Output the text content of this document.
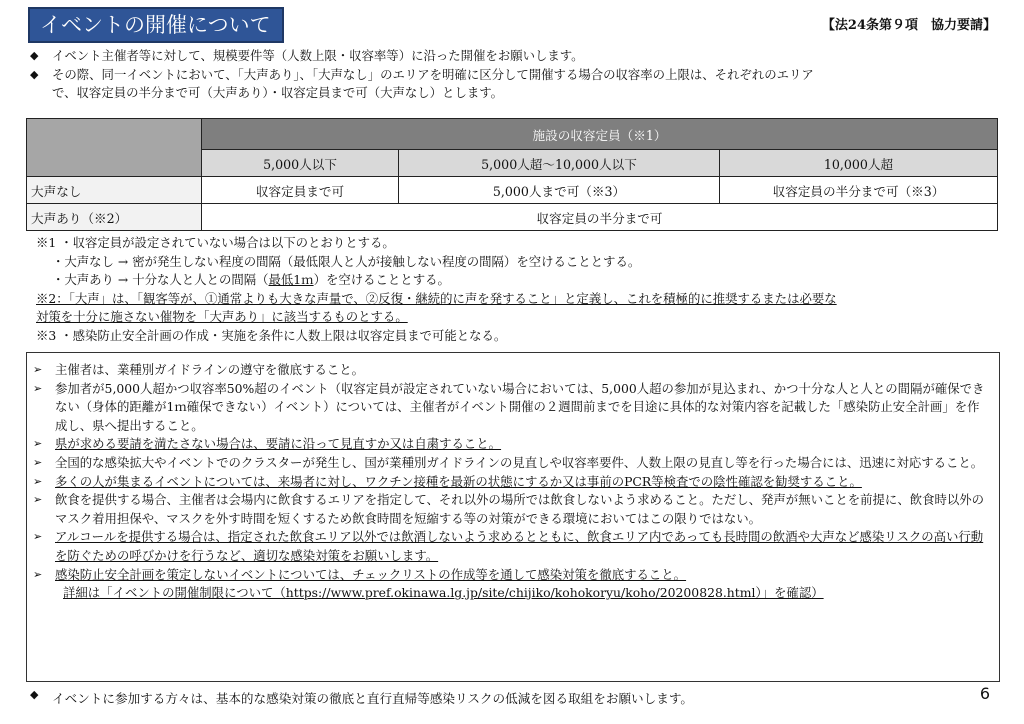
イベントの開催について	【法24条第９項　協力要請】
◆	イベント主催者等に対して、規模要件等（人数上限・収容率等）に沿った開催をお願いします。
◆	その際、同一イベントにおいて、「大声あり」、「大声なし」のエリアを明確に区分して開催する場合の収容率の上限は、それぞれのエリア
で、収容定員の半分まで可（大声あり）・収容定員まで可（大声なし）とします。
	施設の収容定員（※1）		
	5,000人以下	5,000人超～10,000人以下	10,000人超
大声なし	収容定員まで可	5,000人まで可（※3）	収容定員の半分まで可（※3）
大声あり（※2）	収容定員の半分まで可		
※1 ・収容定員が設定されていない場合は以下のとおりとする。
・大声なし → 密が発生しない程度の間隔（最低限人と人が接触しない程度の間隔）を空けることとする。
・大声あり → 十分な人と人との間隔（最低1ｍ）を空けることとする。
※2：「大声」は、「観客等が、①通常よりも大きな声量で、②反復・継続的に声を発すること」と定義し、これを積極的に推奨するまたは必要な
対策を十分に施さない催物を「大声あり」に該当するものとする。
※3 ・感染防止安全計画の作成・実施を条件に人数上限は収容定員まで可能となる。
➢	主催者は、業種別ガイドラインの遵守を徹底すること。
➢	参加者が5,000人超かつ収容率50%超のイベント（収容定員が設定されていない場合においては、5,000人超の参加が見込まれ、かつ十分な人と人との間隔が確保できない（身体的距離が1ｍ確保できない）イベント）については、主催者がイベント開催の２週間前までを目途に具体的な対策内容を記載した「感染防止安全計画」を作成し、県へ提出すること。
➢	県が求める要請を満たさない場合は、要請に沿って見直すか又は自粛すること。
➢	全国的な感染拡大やイベントでのクラスターが発生し、国が業種別ガイドラインの見直しや収容率要件、人数上限の見直し等を行った場合には、迅速に対応すること。
➢	多くの人が集まるイベントについては、来場者に対し、ワクチン接種を最新の状態にするか又は事前のPCR等検査での陰性確認を勧奨すること。
➢	飲食を提供する場合、主催者は会場内に飲食するエリアを指定して、それ以外の場所では飲食しないよう求めること。ただし、発声が無いことを前提に、飲食時以外のマスク着用担保や、マスクを外す時間を短くするため飲食時間を短縮する等の対策ができる環境においてはこの限りではない。
➢	アルコールを提供する場合は、指定された飲食エリア以外では飲酒しないよう求めるとともに、飲食エリア内であっても長時間の飲酒や大声など感染リスクの高い行動を防ぐための呼びかけを行うなど、適切な感染対策をお願いします。
➢	感染防止安全計画を策定しないイベントについては、チェックリストの作成等を通して感染対策を徹底すること。
詳細は「イベントの開催制限について（https://www.pref.okinawa.lg.jp/site/chijiko/kohokoryu/koho/20200828.html）」を確認）
◆	イベントに参加する方々は、基本的な感染対策の徹底と直行直帰等感染リスクの低減を図る取組をお願いします。	6
